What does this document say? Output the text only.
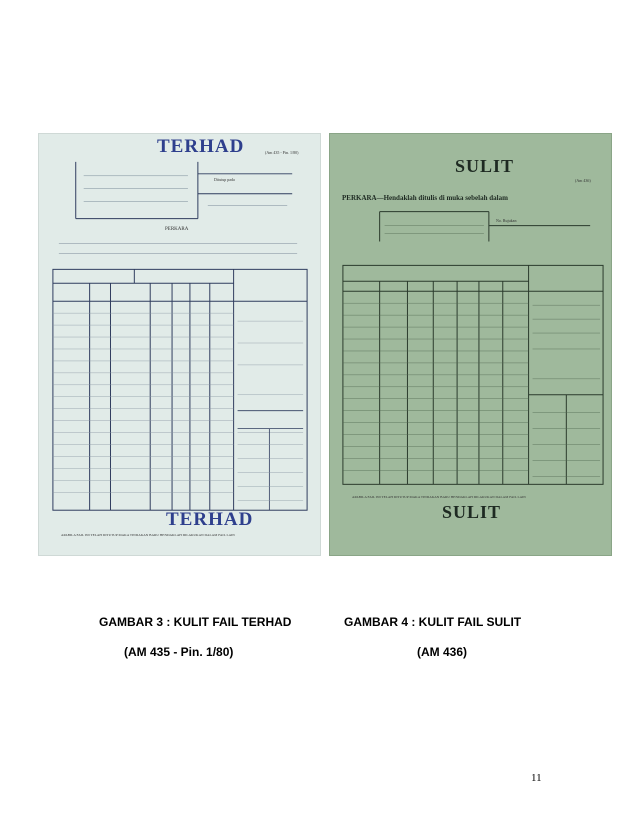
TERHAD	(Am 435 - Pin. 1/80)
Ditutup pada
PERKARA
TERHAD
APABILA FAIL INI TELAH DITUTUP MAKA TINDAKAN BARU HENDAKLAH DILAKUKAN DALAM FAIL LAIN
SULIT
(Am 436)
PERKARA—Hendaklah ditulis di muka sebelah dalam
No. Rujukan
APABILA FAIL INI TELAH DITUTUP MAKA TINDAKAN BARU HENDAKLAH DILAKUKAN DALAM FAIL LAIN
SULIT
GAMBAR 3 : KULIT FAIL TERHAD
(AM 435 - Pin. 1/80)
GAMBAR 4 : KULIT FAIL SULIT
(AM 436)
11
